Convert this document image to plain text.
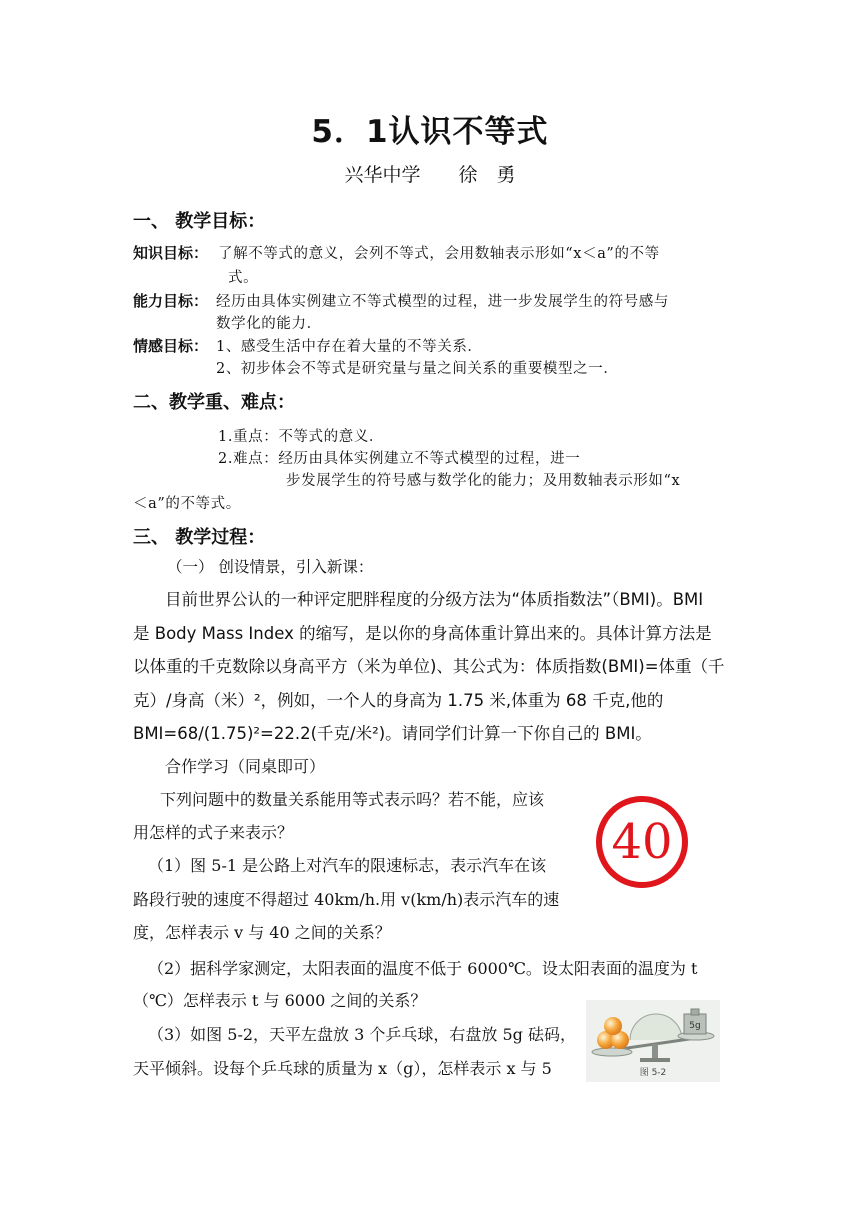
5．1认识不等式
兴华中学 徐　勇
一、 教学目标：
知识目标： 了解不等式的意义，会列不等式，会用数轴表示形如“x＜a”的不等
式。
能力目标： 经历由具体实例建立不等式模型的过程，进一步发展学生的符号感与
数学化的能力．
情感目标： 1、感受生活中存在着大量的不等关系．
2、初步体会不等式是研究量与量之间关系的重要模型之一．
二、教学重、难点：
1.重点：不等式的意义．
2.难点：经历由具体实例建立不等式模型的过程，进一
步发展学生的符号感与数学化的能力；及用数轴表示形如“x
＜a”的不等式。
三、 教学过程：
（一） 创设情景，引入新课：
目前世界公认的一种评定肥胖程度的分级方法为“体质指数法”（BMI)。BMI
是 Body Mass Index 的缩写，是以你的身高体重计算出来的。具体计算方法是
以体重的千克数除以身高平方（米为单位)、其公式为：体质指数(BMI)=体重（千
克）/身高（米）²，例如，一个人的身高为 1.75 米,体重为 68 千克,他的
BMI=68/(1.75)²=22.2(千克/米²)。请同学们计算一下你自己的 BMI。
合作学习（同桌即可）
下列问题中的数量关系能用等式表示吗？若不能，应该
用怎样的式子来表示？
（1）图 5-1 是公路上对汽车的限速标志，表示汽车在该
路段行驶的速度不得超过 40km/h.用 v(km/h)表示汽车的速
度，怎样表示 v 与 40 之间的关系？
（2）据科学家测定，太阳表面的温度不低于 6000℃。设太阳表面的温度为 t
（℃）怎样表示 t 与 6000 之间的关系？
（3）如图 5-2，天平左盘放 3 个乒乓球，右盘放 5g 砝码，
天平倾斜。设每个乒乓球的质量为 x（g），怎样表示 x 与 5
40
5g
图 5-2
